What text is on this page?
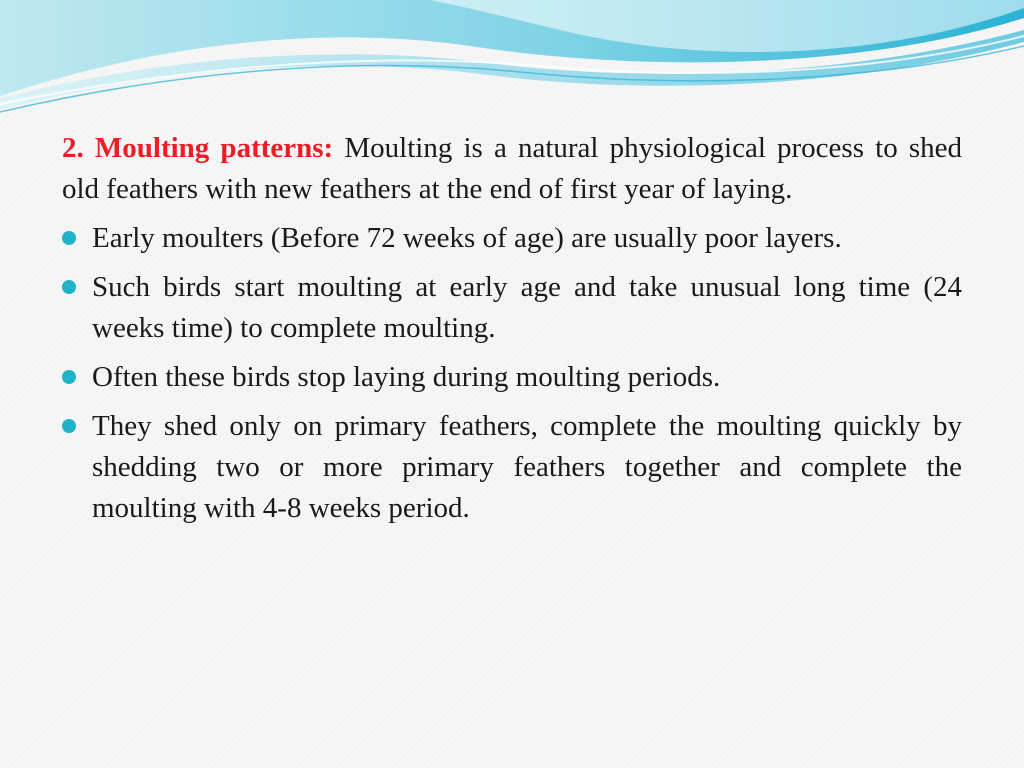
2. Moulting patterns: Moulting is a natural physiological process to shed old feathers with new feathers at the end of first year of laying.

Early moulters (Before 72 weeks of age) are usually poor layers.
Such birds start moulting at early age and take unusual long time (24 weeks time) to complete moulting.
Often these birds stop laying during moulting periods.
They shed only on primary feathers, complete the moulting quickly by shedding two or more primary feathers together and complete the moulting with 4-8 weeks period.
